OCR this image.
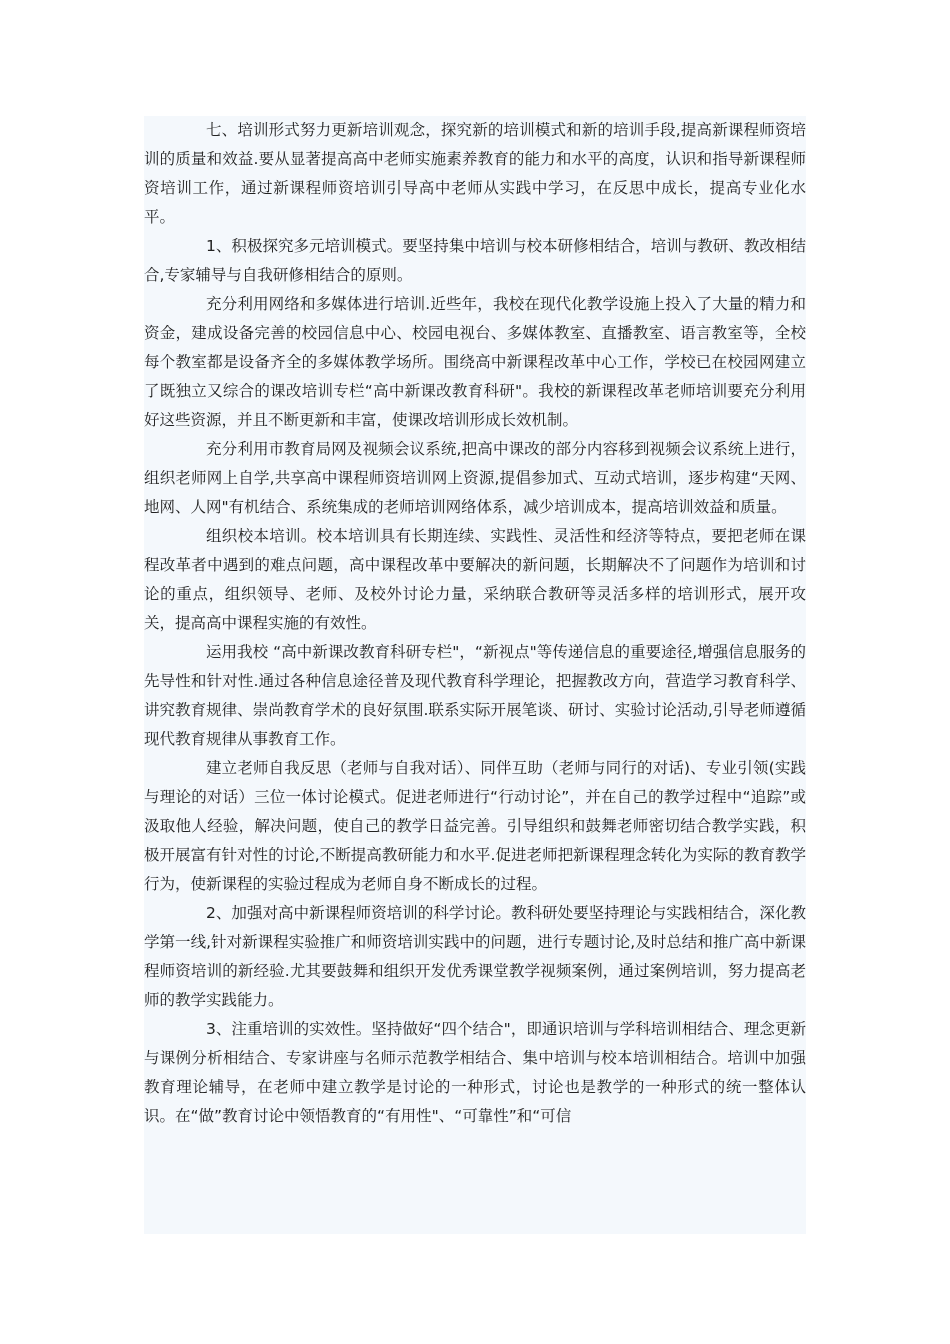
七、培训形式努力更新培训观念，探究新的培训模式和新的培训手段,提高新课程师资培训的质量和效益.要从显著提高高中老师实施素养教育的能力和水平的高度，认识和指导新课程师资培训工作，通过新课程师资培训引导高中老师从实践中学习，在反思中成长，提高专业化水平。

1、积极探究多元培训模式。要坚持集中培训与校本研修相结合，培训与教研、教改相结合,专家辅导与自我研修相结合的原则。

充分利用网络和多媒体进行培训.近些年，我校在现代化教学设施上投入了大量的精力和资金，建成设备完善的校园信息中心、校园电视台、多媒体教室、直播教室、语言教室等，全校每个教室都是设备齐全的多媒体教学场所。围绕高中新课程改革中心工作，学校已在校园网建立了既独立又综合的课改培训专栏“高中新课改教育科研"。我校的新课程改革老师培训要充分利用好这些资源，并且不断更新和丰富，使课改培训形成长效机制。

充分利用市教育局网及视频会议系统,把高中课改的部分内容移到视频会议系统上进行，组织老师网上自学,共享高中课程师资培训网上资源,提倡参加式、互动式培训，逐步构建“天网、地网、人网"有机结合、系统集成的老师培训网络体系，减少培训成本，提高培训效益和质量。

组织校本培训。校本培训具有长期连续、实践性、灵活性和经济等特点，要把老师在课程改革者中遇到的难点问题，高中课程改革中要解决的新问题，长期解决不了问题作为培训和讨论的重点，组织领导、老师、及校外讨论力量，采纳联合教研等灵活多样的培训形式，展开攻关，提高高中课程实施的有效性。

运用我校 “高中新课改教育科研专栏"，“新视点"等传递信息的重要途径,增强信息服务的先导性和针对性.通过各种信息途径普及现代教育科学理论，把握教改方向，营造学习教育科学、讲究教育规律、崇尚教育学术的良好氛围.联系实际开展笔谈、研讨、实验讨论活动,引导老师遵循现代教育规律从事教育工作。

建立老师自我反思（老师与自我对话）、同伴互助（老师与同行的对话)、专业引领(实践与理论的对话）三位一体讨论模式。促进老师进行“行动讨论”，并在自己的教学过程中“追踪”或汲取他人经验，解决问题，使自己的教学日益完善。引导组织和鼓舞老师密切结合教学实践，积极开展富有针对性的讨论,不断提高教研能力和水平.促进老师把新课程理念转化为实际的教育教学行为，使新课程的实验过程成为老师自身不断成长的过程。

2、加强对高中新课程师资培训的科学讨论。教科研处要坚持理论与实践相结合，深化教学第一线,针对新课程实验推广和师资培训实践中的问题，进行专题讨论,及时总结和推广高中新课程师资培训的新经验.尤其要鼓舞和组织开发优秀课堂教学视频案例，通过案例培训，努力提高老师的教学实践能力。

3、注重培训的实效性。坚持做好“四个结合"，即通识培训与学科培训相结合、理念更新与课例分析相结合、专家讲座与名师示范教学相结合、集中培训与校本培训相结合。培训中加强教育理论辅导，在老师中建立教学是讨论的一种形式，讨论也是教学的一种形式的统一整体认识。在“做”教育讨论中领悟教育的“有用性"、“可靠性”和“可信
